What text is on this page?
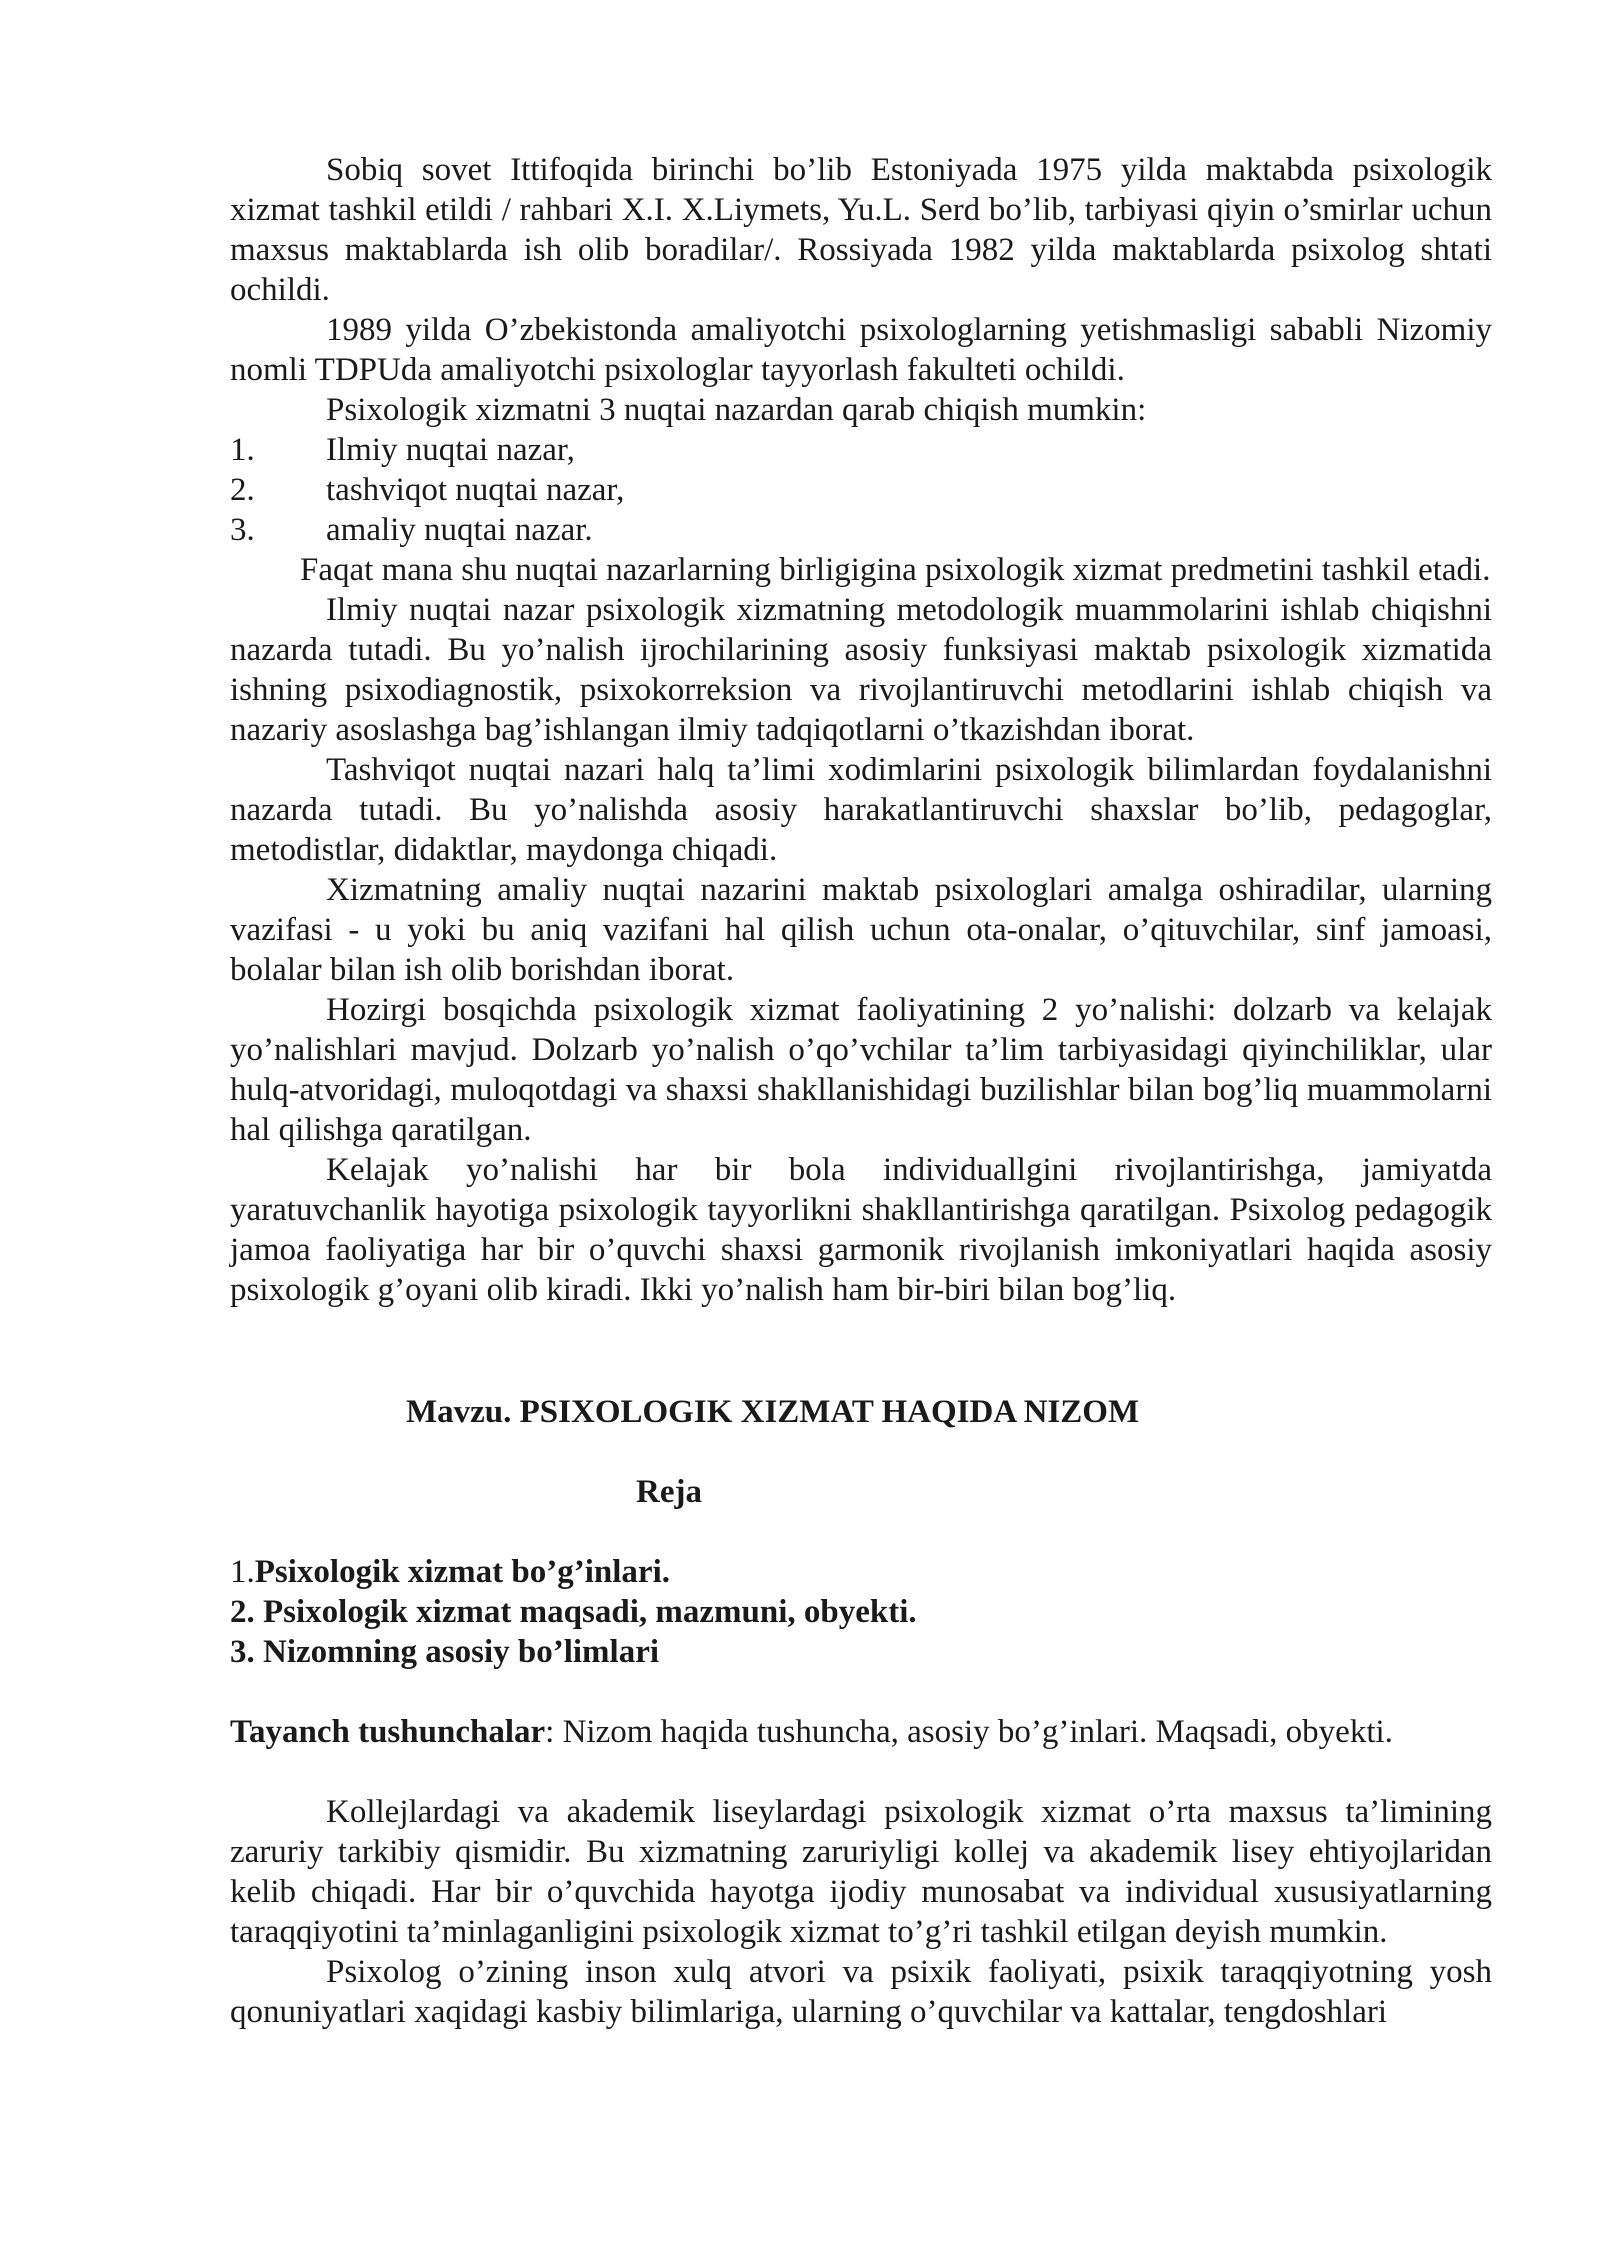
Sobiq sovet Ittifoqida birinchi bo’lib Estoniyada 1975 yilda maktabda psixologik xizmat tashkil etildi / rahbari X.I. X.Liymets, Yu.L. Serd bo’lib, tarbiyasi qiyin o’smirlar uchun maxsus maktablarda ish olib boradilar/. Rossiyada 1982 yilda maktablarda psixolog shtati ochildi.

1989 yilda O’zbekistonda amaliyotchi psixologlarning yetishmasligi sababli Nizomiy nomli TDPUda amaliyotchi psixologlar tayyorlash fakulteti ochildi.

Psixologik xizmatni 3 nuqtai nazardan qarab chiqish mumkin:

1. Ilmiy nuqtai nazar,
2. tashviqot nuqtai nazar,
3. amaliy nuqtai nazar.

Faqat mana shu nuqtai nazarlarning birligigina psixologik xizmat predmetini tashkil etadi.

Ilmiy nuqtai nazar psixologik xizmatning metodologik muammolarini ishlab chiqishni nazarda tutadi. Bu yo’nalish ijrochilarining asosiy funksiyasi maktab psixologik xizmatida ishning psixodiagnostik, psixokorreksion va rivojlantiruvchi metodlarini ishlab chiqish va nazariy asoslashga bag’ishlangan ilmiy tadqiqotlarni o’tkazishdan iborat.

Tashviqot nuqtai nazari halq ta’limi xodimlarini psixologik bilimlardan foydalanishni nazarda tutadi. Bu yo’nalishda asosiy harakatlantiruvchi shaxslar bo’lib, pedagoglar, metodistlar, didaktlar, maydonga chiqadi.

Xizmatning amaliy nuqtai nazarini maktab psixologlari amalga oshiradilar, ularning vazifasi - u yoki bu aniq vazifani hal qilish uchun ota-onalar, o’qituvchilar, sinf jamoasi, bolalar bilan ish olib borishdan iborat.

Hozirgi bosqichda psixologik xizmat faoliyatining 2 yo’nalishi: dolzarb va kelajak yo’nalishlari mavjud. Dolzarb yo’nalish o’qo’vchilar ta’lim tarbiyasidagi qiyinchiliklar, ular hulq-atvoridagi, muloqotdagi va shaxsi shakllanishidagi buzilishlar bilan bog’liq muammolarni hal qilishga qaratilgan.

Kelajak yo’nalishi har bir bola individuallgini rivojlantirishga, jamiyatda yaratuvchanlik hayotiga psixologik tayyorlikni shakllantirishga qaratilgan. Psixolog pedagogik jamoa faoliyatiga har bir o’quvchi shaxsi garmonik rivojlanish imkoniyatlari haqida asosiy psixologik g’oyani olib kiradi. Ikki yo’nalish ham bir-biri bilan bog’liq.

Mavzu. PSIXOLOGIK XIZMAT HAQIDA NIZOM

Reja

1.Psixologik xizmat bo’g’inlari.
2. Psixologik xizmat maqsadi, mazmuni, obyekti.
3. Nizomning asosiy bo’limlari
Tayanch tushunchalar: Nizom haqida tushuncha, asosiy bo’g’inlari. Maqsadi, obyekti.

Kollejlardagi va akademik liseylardagi psixologik xizmat o’rta maxsus ta’limining zaruriy tarkibiy qismidir. Bu xizmatning zaruriyligi kollej va akademik lisey ehtiyojlaridan kelib chiqadi. Har bir o’quvchida hayotga ijodiy munosabat va individual xususiyatlarning taraqqiyotini ta’minlaganligini psixologik xizmat to’g’ri tashkil etilgan deyish mumkin.

Psixolog o’zining inson xulq atvori va psixik faoliyati, psixik taraqqiyotning yosh qonuniyatlari xaqidagi kasbiy bilimlariga, ularning o’quvchilar va kattalar, tengdoshlari
